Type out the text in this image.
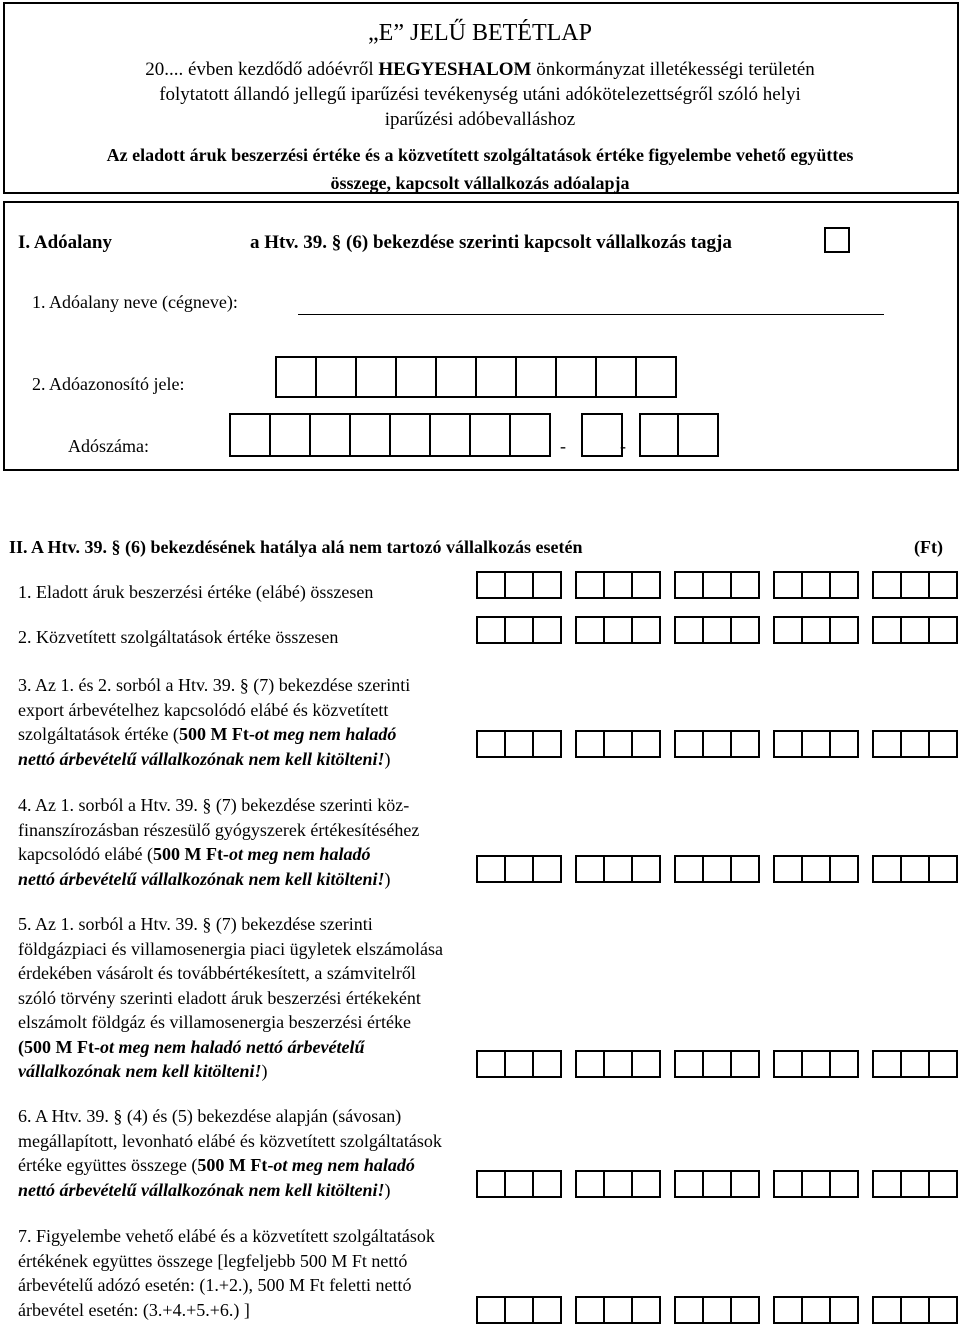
„E” JELŰ BETÉTLAP
20.... évben kezdődő adóévről HEGYESHALOM önkormányzat illetékességi területén
folytatott állandó jellegű iparűzési tevékenység utáni adókötelezettségről szóló helyi
iparűzési adóbevalláshoz
Az eladott áruk beszerzési értéke és a közvetített szolgáltatások értéke figyelembe vehető együttes
összege, kapcsolt vállalkozás adóalapja
I. Adóalany	a Htv. 39. § (6) bekezdése szerinti kapcsolt vállalkozás tagja
1. Adóalany neve (cégneve):
2. Adóazonosító jele:
Adószáma:	-	-
II. A Htv. 39. § (6) bekezdésének hatálya alá nem tartozó vállalkozás esetén	(Ft)
1. Eladott áruk beszerzési értéke (elábé) összesen
2. Közvetített szolgáltatások értéke összesen
3. Az 1. és 2. sorból a Htv. 39. § (7) bekezdése szerinti
export árbevételhez kapcsolódó elábé és közvetített
szolgáltatások értéke (500 M Ft-ot meg nem haladó
nettó árbevételű vállalkozónak nem kell kitölteni!)
4. Az 1. sorból a Htv. 39. § (7) bekezdése szerinti köz-
finanszírozásban részesülő gyógyszerek értékesítéséhez
kapcsolódó elábé (500 M Ft-ot meg nem haladó
nettó árbevételű vállalkozónak nem kell kitölteni!)
5. Az 1. sorból a Htv. 39. § (7) bekezdése szerinti
földgázpiaci és villamosenergia piaci ügyletek elszámolása
érdekében vásárolt és továbbértékesített, a számvitelről
szóló törvény szerinti eladott áruk beszerzési értékeként
elszámolt földgáz és villamosenergia beszerzési értéke
(500 M Ft-ot meg nem haladó nettó árbevételű
vállalkozónak nem kell kitölteni!)
6. A Htv. 39. § (4) és (5) bekezdése alapján (sávosan)
megállapított, levonható elábé és közvetített szolgáltatások
értéke együttes összege (500 M Ft-ot meg nem haladó
nettó árbevételű vállalkozónak nem kell kitölteni!)
7. Figyelembe vehető elábé és a közvetített szolgáltatások
értékének együttes összege [legfeljebb 500 M Ft nettó
árbevételű adózó esetén: (1.+2.), 500 M Ft feletti nettó
árbevétel esetén: (3.+4.+5.+6.) ]
